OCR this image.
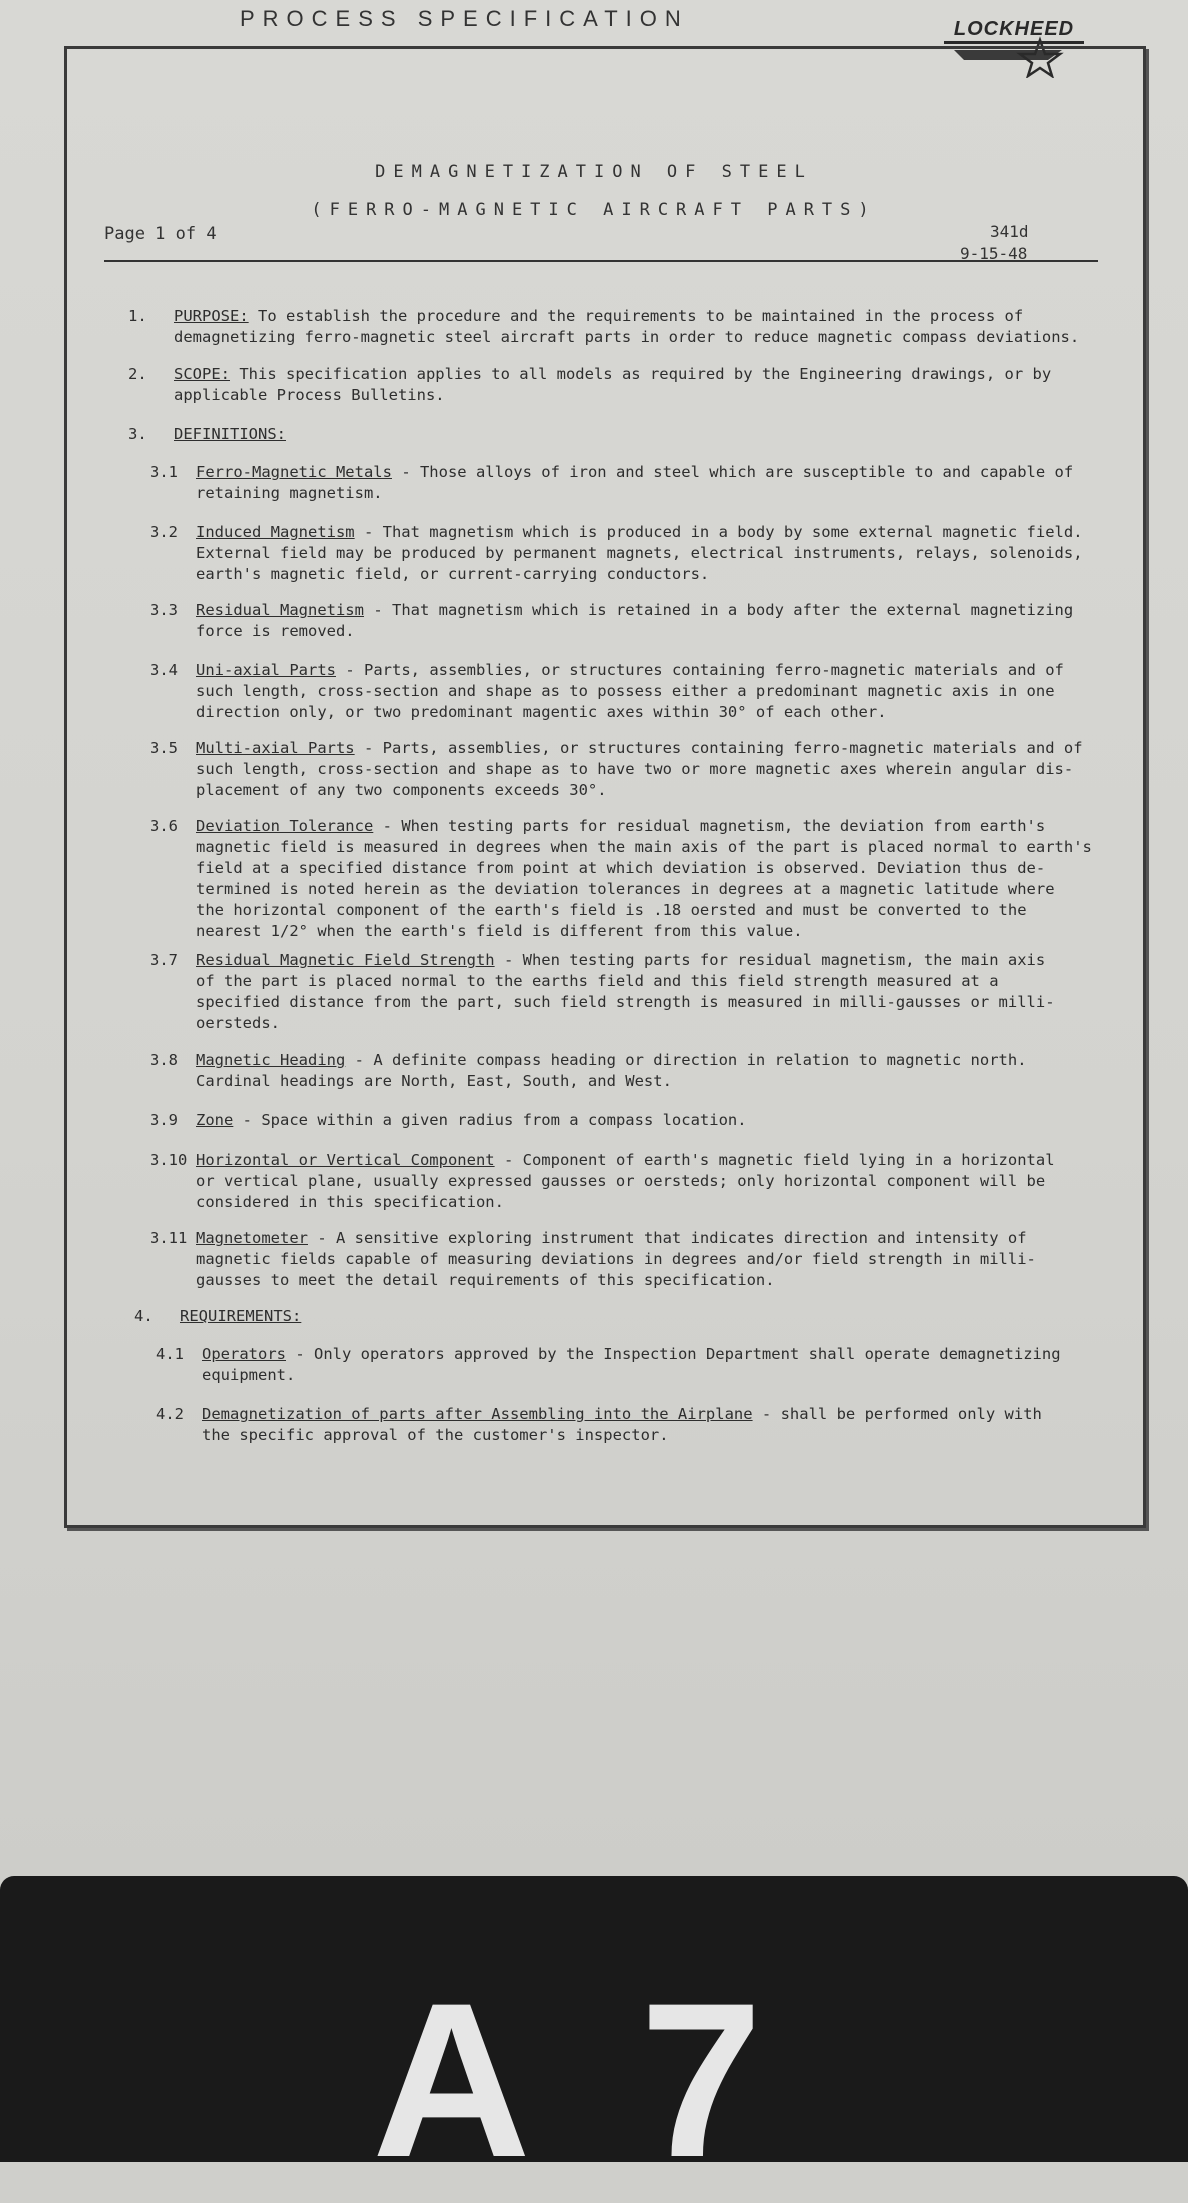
PROCESS SPECIFICATION	LOCKHEED
DEMAGNETIZATION OF STEEL
(FERRO-MAGNETIC AIRCRAFT PARTS)
Page 1 of 4	341d
9-15-48
1. PURPOSE: To establish the procedure and the requirements to be maintained in the process of
demagnetizing ferro-magnetic steel aircraft parts in order to reduce magnetic compass deviations.
2. SCOPE: This specification applies to all models as required by the Engineering drawings, or by
applicable Process Bulletins.
3. DEFINITIONS:
3.1 Ferro-Magnetic Metals - Those alloys of iron and steel which are susceptible to and capable of
retaining magnetism.
3.2 Induced Magnetism - That magnetism which is produced in a body by some external magnetic field.
External field may be produced by permanent magnets, electrical instruments, relays, solenoids,
earth's magnetic field, or current-carrying conductors.
3.3 Residual Magnetism - That magnetism which is retained in a body after the external magnetizing
force is removed.
3.4 Uni-axial Parts - Parts, assemblies, or structures containing ferro-magnetic materials and of
such length, cross-section and shape as to possess either a predominant magnetic axis in one
direction only, or two predominant magentic axes within 30° of each other.
3.5 Multi-axial Parts - Parts, assemblies, or structures containing ferro-magnetic materials and of
such length, cross-section and shape as to have two or more magnetic axes wherein angular dis-
placement of any two components exceeds 30°.
3.6 Deviation Tolerance - When testing parts for residual magnetism, the deviation from earth's
magnetic field is measured in degrees when the main axis of the part is placed normal to earth's
field at a specified distance from point at which deviation is observed. Deviation thus de-
termined is noted herein as the deviation tolerances in degrees at a magnetic latitude where
the horizontal component of the earth's field is .18 oersted and must be converted to the
nearest 1/2° when the earth's field is different from this value.
3.7 Residual Magnetic Field Strength - When testing parts for residual magnetism, the main axis
of the part is placed normal to the earths field and this field strength measured at a
specified distance from the part, such field strength is measured in milli-gausses or milli-
oersteds.
3.8 Magnetic Heading - A definite compass heading or direction in relation to magnetic north.
Cardinal headings are North, East, South, and West.
3.9 Zone - Space within a given radius from a compass location.
3.10 Horizontal or Vertical Component - Component of earth's magnetic field lying in a horizontal
or vertical plane, usually expressed gausses or oersteds; only horizontal component will be
considered in this specification.
3.11 Magnetometer - A sensitive exploring instrument that indicates direction and intensity of
magnetic fields capable of measuring deviations in degrees and/or field strength in milli-
gausses to meet the detail requirements of this specification.
4. REQUIREMENTS:
4.1 Operators - Only operators approved by the Inspection Department shall operate demagnetizing
equipment.
4.2 Demagnetization of parts after Assembling into the Airplane - shall be performed only with
the specific approval of the customer's inspector.
A 7
